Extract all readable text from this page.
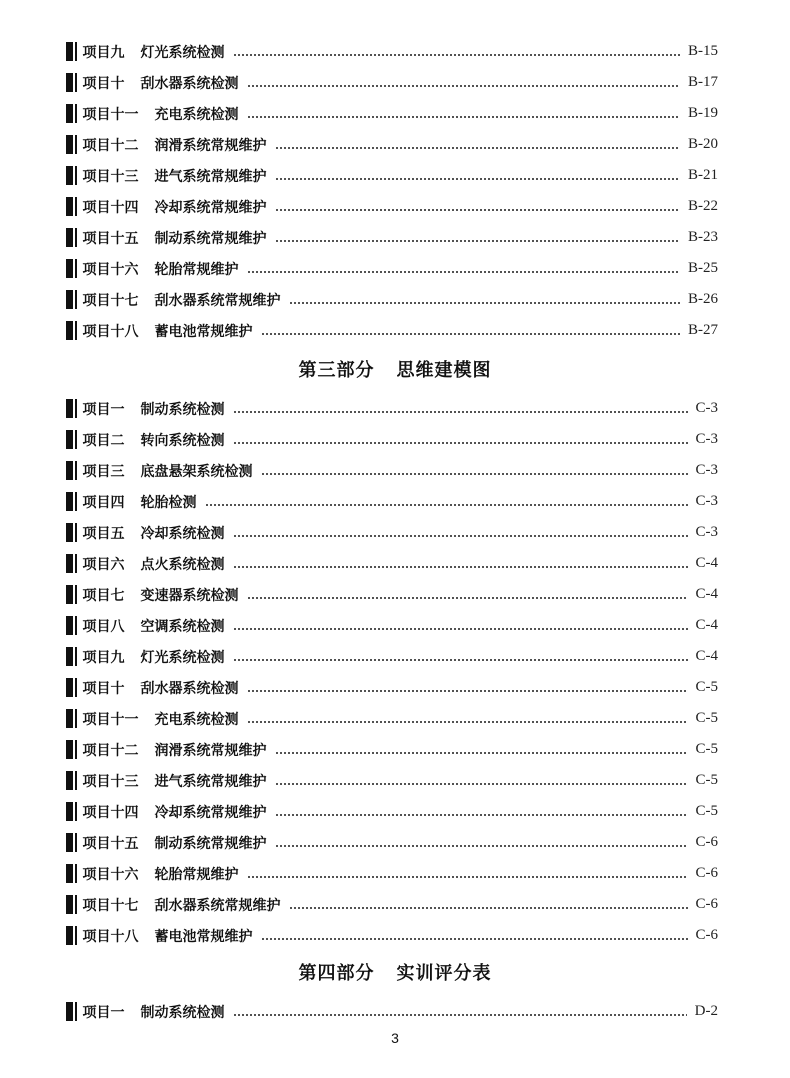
项目九 灯光系统检测	B-15
项目十 刮水器系统检测	B-17
项目十一 充电系统检测	B-19
项目十二 润滑系统常规维护	B-20
项目十三 进气系统常规维护	B-21
项目十四 冷却系统常规维护	B-22
项目十五 制动系统常规维护	B-23
项目十六 轮胎常规维护	B-25
项目十七 刮水器系统常规维护	B-26
项目十八 蓄电池常规维护	B-27
第三部分 思维建模图
项目一 制动系统检测	C-3
项目二 转向系统检测	C-3
项目三 底盘悬架系统检测	C-3
项目四 轮胎检测	C-3
项目五 冷却系统检测	C-3
项目六 点火系统检测	C-4
项目七 变速器系统检测	C-4
项目八 空调系统检测	C-4
项目九 灯光系统检测	C-4
项目十 刮水器系统检测	C-5
项目十一 充电系统检测	C-5
项目十二 润滑系统常规维护	C-5
项目十三 进气系统常规维护	C-5
项目十四 冷却系统常规维护	C-5
项目十五 制动系统常规维护	C-6
项目十六 轮胎常规维护	C-6
项目十七 刮水器系统常规维护	C-6
项目十八 蓄电池常规维护	C-6
第四部分 实训评分表
项目一 制动系统检测	D-2
3
